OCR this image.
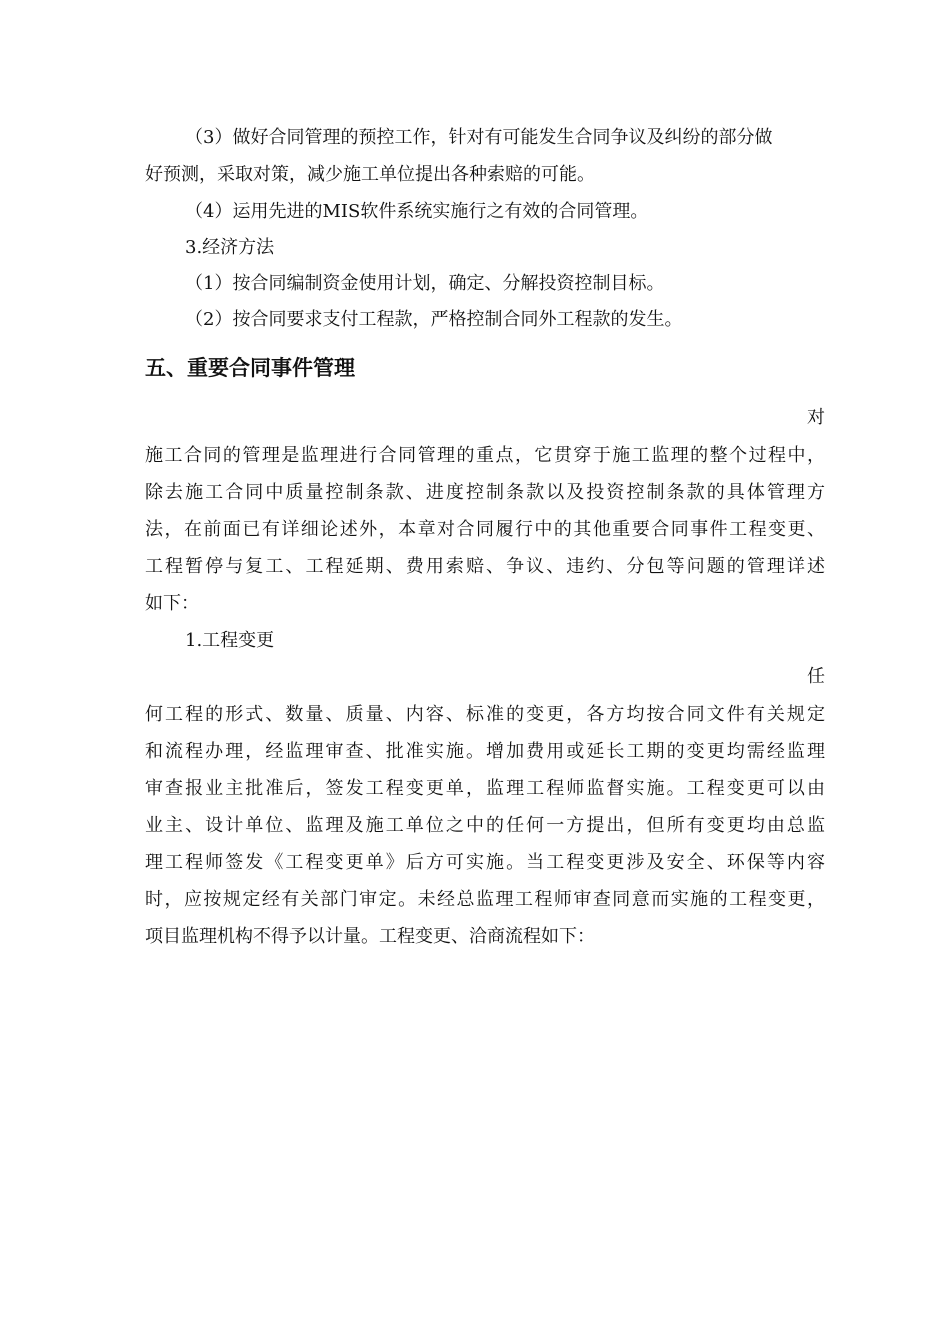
（3）做好合同管理的预控工作，针对有可能发生合同争议及纠纷的部分做
好预测，采取对策，减少施工单位提出各种索赔的可能。
（4）运用先进的MIS软件系统实施行之有效的合同管理。
3.经济方法
（1）按合同编制资金使用计划，确定、分解投资控制目标。
（2）按合同要求支付工程款，严格控制合同外工程款的发生。
五、重要合同事件管理
对
施工合同的管理是监理进行合同管理的重点，它贯穿于施工监理的整个过程中，
除去施工合同中质量控制条款、进度控制条款以及投资控制条款的具体管理方
法，在前面已有详细论述外，本章对合同履行中的其他重要合同事件工程变更、
工程暂停与复工、工程延期、费用索赔、争议、违约、分包等问题的管理详述
如下：
1.工程变更
任
何工程的形式、数量、质量、内容、标准的变更，各方均按合同文件有关规定
和流程办理，经监理审查、批准实施。增加费用或延长工期的变更均需经监理
审查报业主批准后，签发工程变更单，监理工程师监督实施。工程变更可以由
业主、设计单位、监理及施工单位之中的任何一方提出，但所有变更均由总监
理工程师签发《工程变更单》后方可实施。当工程变更涉及安全、环保等内容
时，应按规定经有关部门审定。未经总监理工程师审查同意而实施的工程变更，
项目监理机构不得予以计量。工程变更、洽商流程如下：
